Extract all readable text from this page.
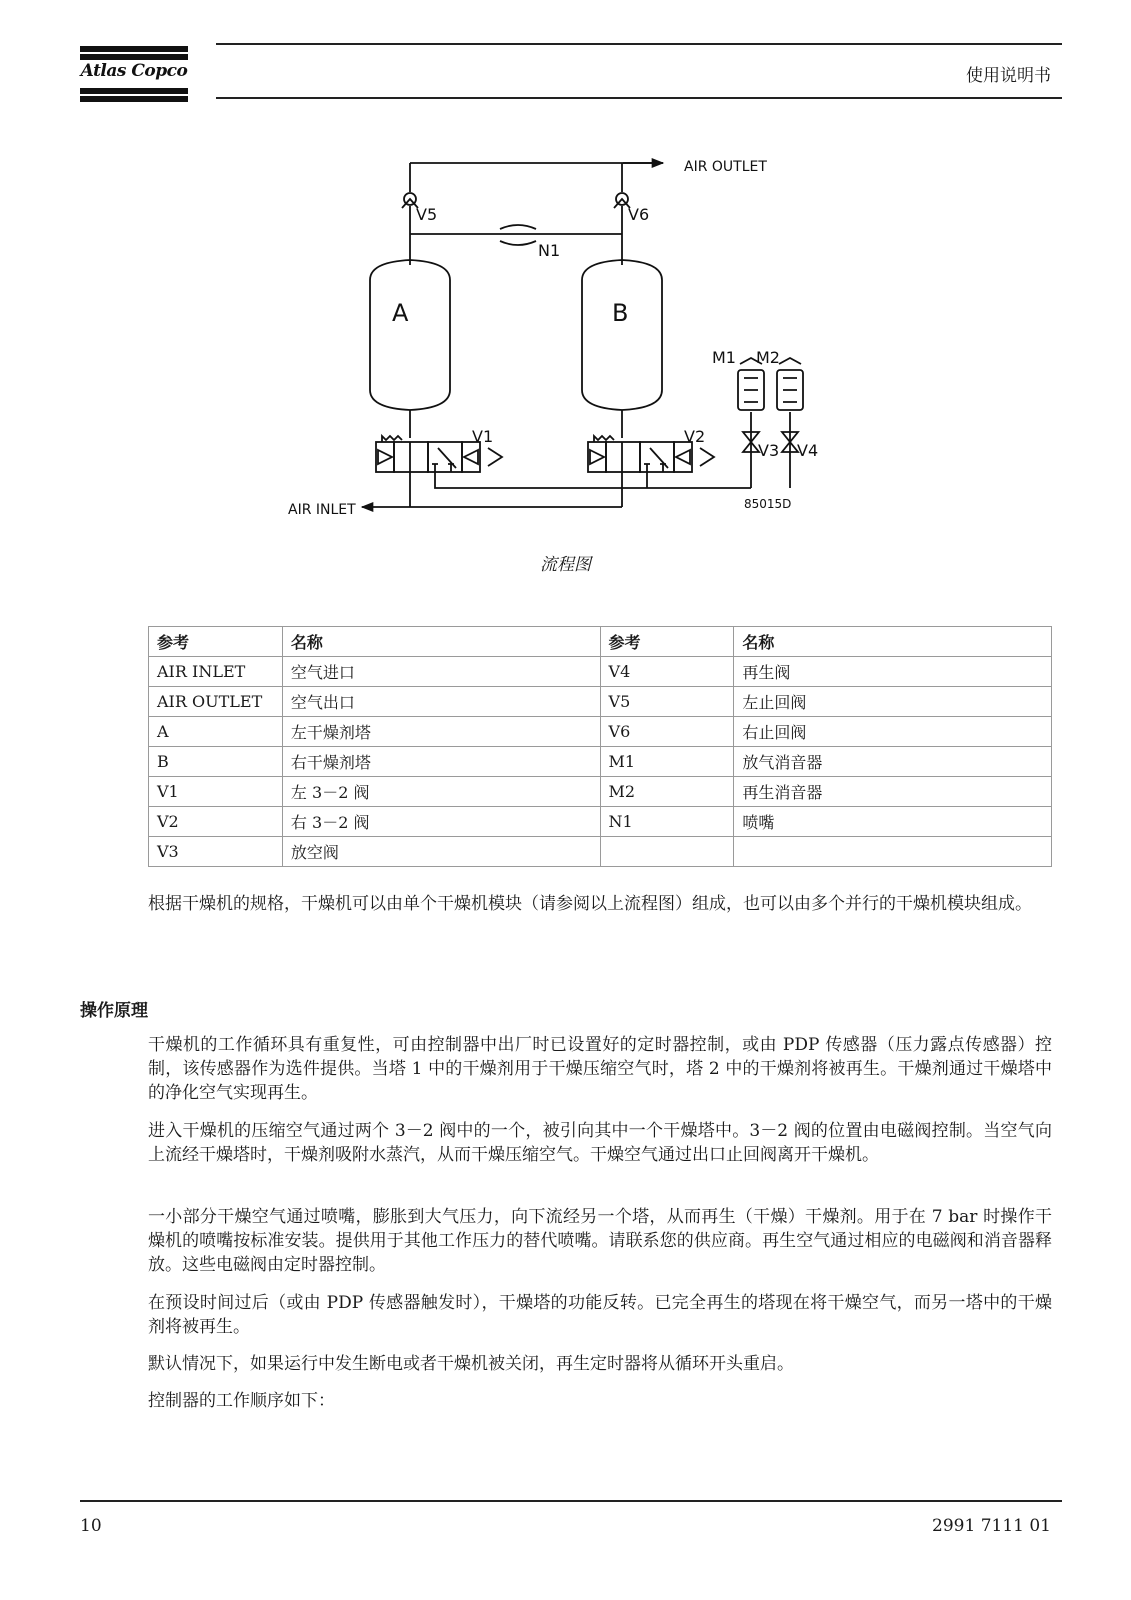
Atlas Copco	使用说明书
AIR OUTLET
V5	V6
N1
A	B
M1 M2
V1	V2
V3 V4
AIR INLET	85015D
流程图
参考	名称	参考	名称
AIR INLET	空气进口	V4	再生阀
AIR OUTLET	空气出口	V5	左止回阀
A	左干燥剂塔	V6	右止回阀
B	右干燥剂塔	M1	放气消音器
V1	左 3－2 阀	M2	再生消音器
V2	右 3－2 阀	N1	喷嘴
V3	放空阀		

根据干燥机的规格，干燥机可以由单个干燥机模块（请参阅以上流程图）组成，也可以由多个并行的干燥机模块组成。

操作原理

干燥机的工作循环具有重复性，可由控制器中出厂时已设置好的定时器控制，或由 PDP 传感器（压力露点传感器）控制，该传感器作为选件提供。当塔 1 中的干燥剂用于干燥压缩空气时，塔 2 中的干燥剂将被再生。干燥剂通过干燥塔中的净化空气实现再生。

进入干燥机的压缩空气通过两个 3－2 阀中的一个，被引向其中一个干燥塔中。3－2 阀的位置由电磁阀控制。当空气向上流经干燥塔时，干燥剂吸附水蒸汽，从而干燥压缩空气。干燥空气通过出口止回阀离开干燥机。

一小部分干燥空气通过喷嘴，膨胀到大气压力，向下流经另一个塔，从而再生（干燥）干燥剂。用于在 7 bar 时操作干燥机的喷嘴按标准安装。提供用于其他工作压力的替代喷嘴。请联系您的供应商。再生空气通过相应的电磁阀和消音器释放。这些电磁阀由定时器控制。

在预设时间过后（或由 PDP 传感器触发时），干燥塔的功能反转。已完全再生的塔现在将干燥空气，而另一塔中的干燥剂将被再生。

默认情况下，如果运行中发生断电或者干燥机被关闭，再生定时器将从循环开头重启。

控制器的工作顺序如下：

10	2991 7111 01
